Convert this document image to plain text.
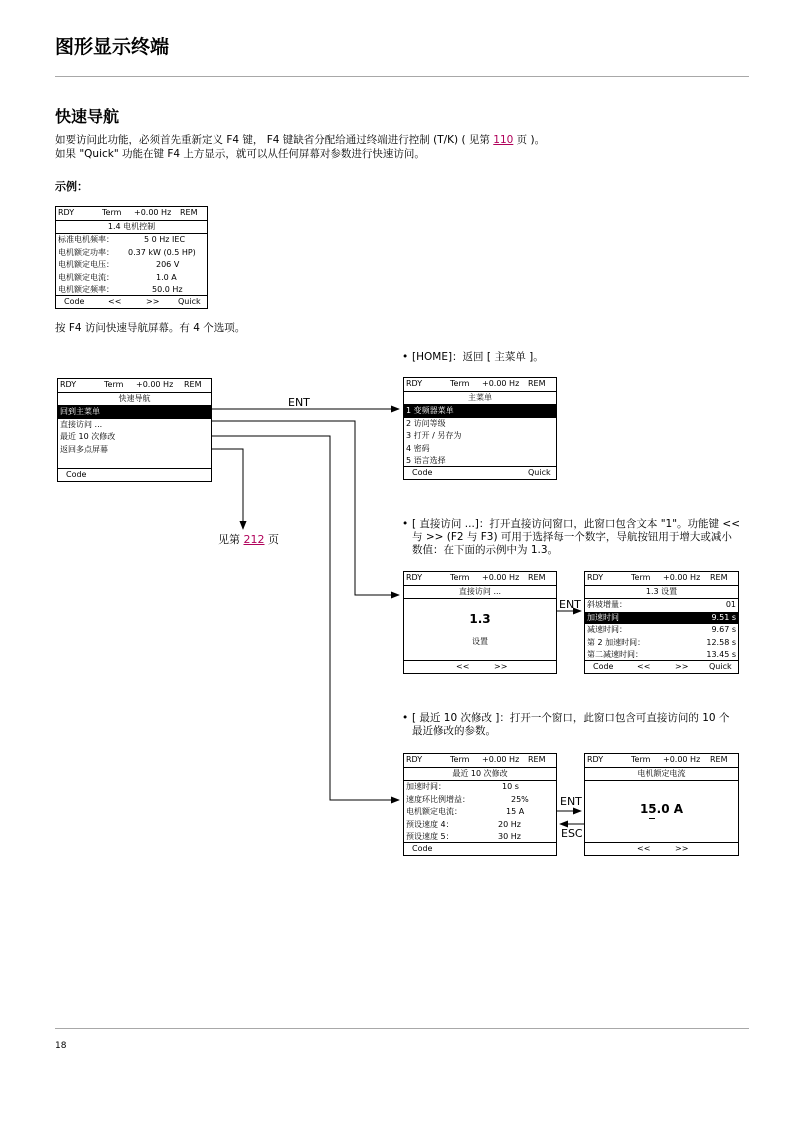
图形显示终端
快速导航
如要访问此功能，必须首先重新定义 F4 键， F4 键缺省分配给通过终端进行控制 (T/K) ( 见第 110 页 )。
如果 "Quick" 功能在键 F4 上方显示，就可以从任何屏幕对参数进行快速访问。
示例：
RDY	Term +0.00 Hz REM
1.4 电机控制
标准电机频率：	5 0 Hz IEC
电机额定功率： 0.37 kW (0.5 HP)
电机额定电压：	206 V
电机额定电流：	1.0 A
电机额定频率：	50.0 Hz
Code	<<	>> Quick
按 F4 访问快速导航屏幕。有 4 个选项。
• [HOME]：返回 [ 主菜单 ]。
RDY	Term +0.00 Hz REM
快速导航
回到主菜单
直接访问 ...
最近 10 次修改
返回多点屏幕
Code
RDY	Term +0.00 Hz REM
主菜单
1 变频器菜单
2 访问等级
3 打开 / 另存为
4 密码
5 语言选择
Code	Quick
• [ 直接访问 ...]：打开直接访问窗口，此窗口包含文本 "1"。功能键 <<
与 >> (F2 与 F3) 可用于选择每一个数字，导航按钮用于增大或减小
数值：在下面的示例中为 1.3。
RDY	Term +0.00 Hz REM
直接访问 ...
1.3
设置
<<	>>
RDY	Term +0.00 Hz REM
1.3 设置
斜坡增量：	01
加速时间	9.51 s
减速时间：	9.67 s
第 2 加速时间：	12.58 s
第二减速时间：	13.45 s
Code	<<	>>	Quick
• [ 最近 10 次修改 ]：打开一个窗口，此窗口包含可直接访问的 10 个
最近修改的参数。
RDY	Term +0.00 Hz REM
最近 10 次修改
加速时间：	10 s
速度环比例增益：	25%
电机额定电流：	15 A
预设速度 4：	20 Hz
预设速度 5：	30 Hz
Code
RDY	Term +0.00 Hz REM
电机额定电流
15.0 A
<<	>>
ENT
ENT
ENT
ESC
见第 212 页
18
